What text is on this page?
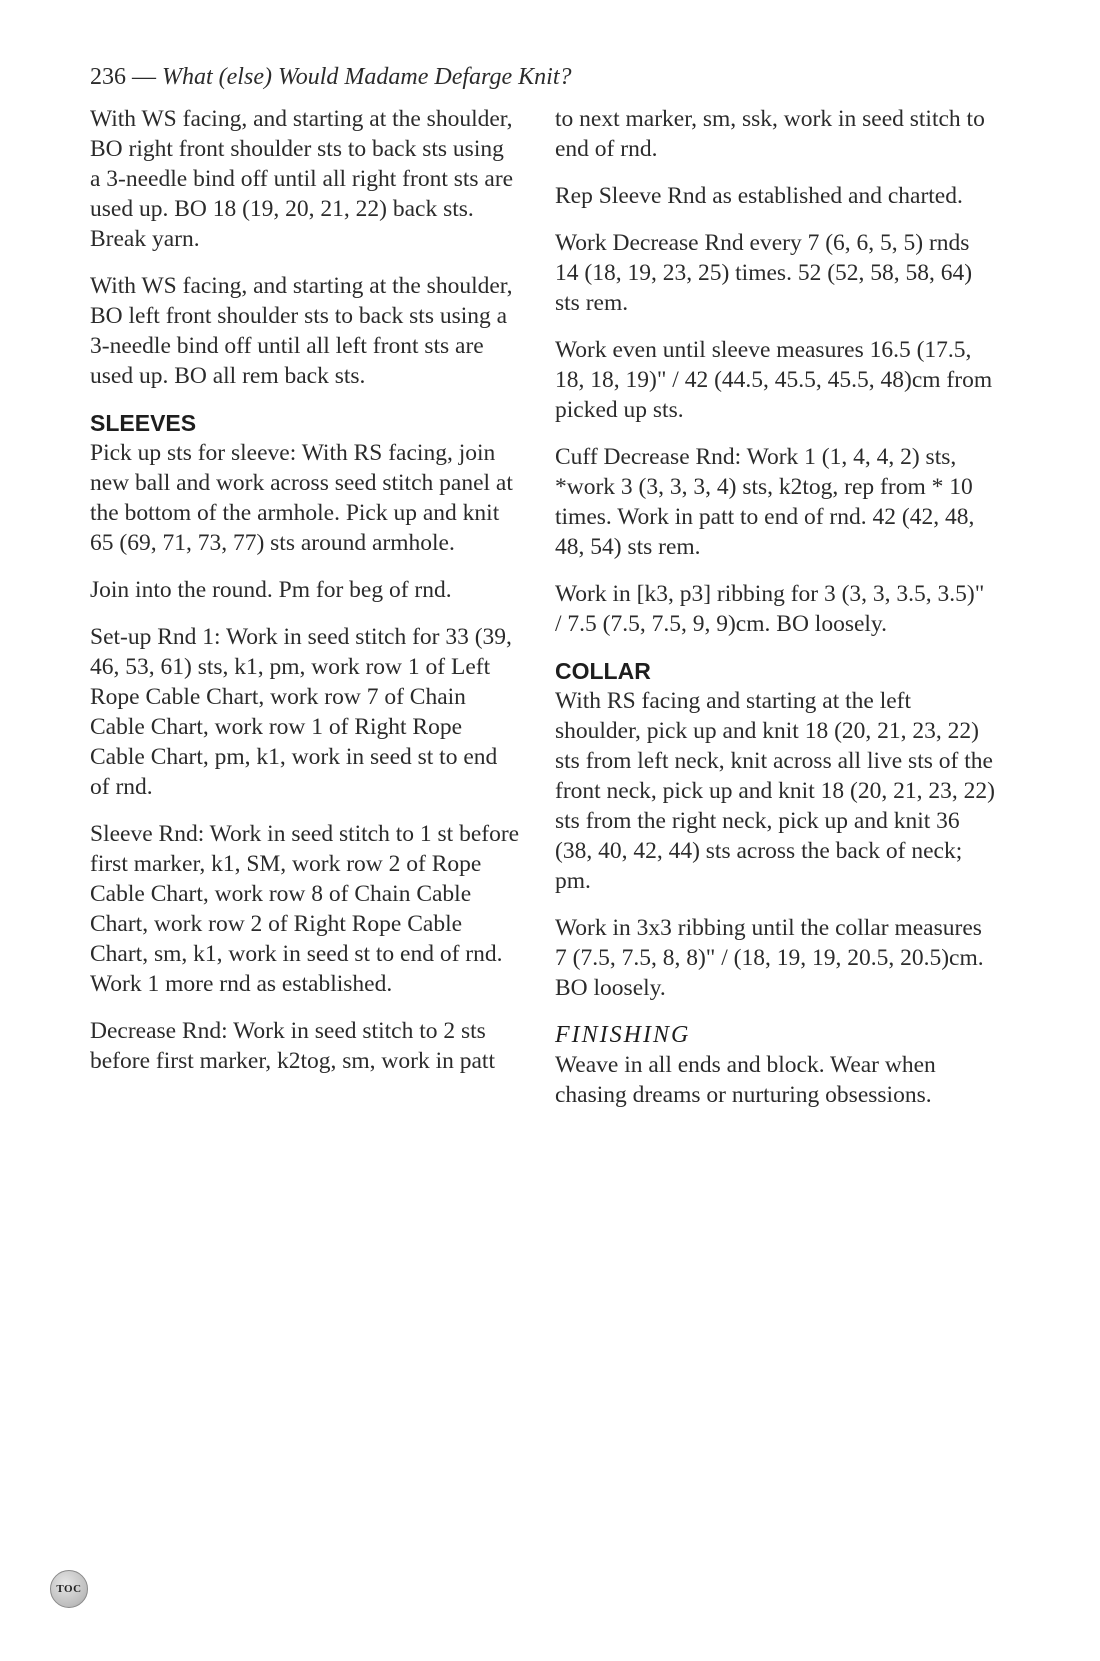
236 — What (else) Would Madame Defarge Knit?

With WS facing, and starting at the shoulder, BO right front shoulder sts to back sts using a 3-needle bind off until all right front sts are used up. BO 18 (19, 20, 21, 22) back sts. Break yarn.

With WS facing, and starting at the shoulder, BO left front shoulder sts to back sts using a 3-needle bind off until all left front sts are used up. BO all rem back sts.

SLEEVES

Pick up sts for sleeve: With RS facing, join new ball and work across seed stitch panel at the bottom of the armhole. Pick up and knit 65 (69, 71, 73, 77) sts around armhole.

Join into the round. Pm for beg of rnd.

Set-up Rnd 1: Work in seed stitch for 33 (39, 46, 53, 61) sts, k1, pm, work row 1 of Left Rope Cable Chart, work row 7 of Chain Cable Chart, work row 1 of Right Rope Cable Chart, pm, k1, work in seed st to end of rnd.

Sleeve Rnd: Work in seed stitch to 1 st before first marker, k1, SM, work row 2 of Rope Cable Chart, work row 8 of Chain Cable Chart, work row 2 of Right Rope Cable Chart, sm, k1, work in seed st to end of rnd.

Work 1 more rnd as established.

Decrease Rnd: Work in seed stitch to 2 sts before first marker, k2tog, sm, work in patt

to next marker, sm, ssk, work in seed stitch to end of rnd.

Rep Sleeve Rnd as established and charted.

Work Decrease Rnd every 7 (6, 6, 5, 5) rnds 14 (18, 19, 23, 25) times. 52 (52, 58, 58, 64) sts rem.

Work even until sleeve measures 16.5 (17.5, 18, 18, 19)" / 42 (44.5, 45.5, 45.5, 48)cm from picked up sts.

Cuff Decrease Rnd: Work 1 (1, 4, 4, 2) sts, *work 3 (3, 3, 3, 4) sts, k2tog, rep from * 10 times. Work in patt to end of rnd. 42 (42, 48, 48, 54) sts rem.

Work in [k3, p3] ribbing for 3 (3, 3, 3.5, 3.5)" / 7.5 (7.5, 7.5, 9, 9)cm. BO loosely.

COLLAR

With RS facing and starting at the left shoulder, pick up and knit 18 (20, 21, 23, 22) sts from left neck, knit across all live sts of the front neck, pick up and knit 18 (20, 21, 23, 22) sts from the right neck, pick up and knit 36 (38, 40, 42, 44) sts across the back of neck; pm.

Work in 3x3 ribbing until the collar measures 7 (7.5, 7.5, 8, 8)" / (18, 19, 19, 20.5, 20.5)cm. BO loosely.

FINISHING

Weave in all ends and block. Wear when chasing dreams or nurturing obsessions.

TOC
